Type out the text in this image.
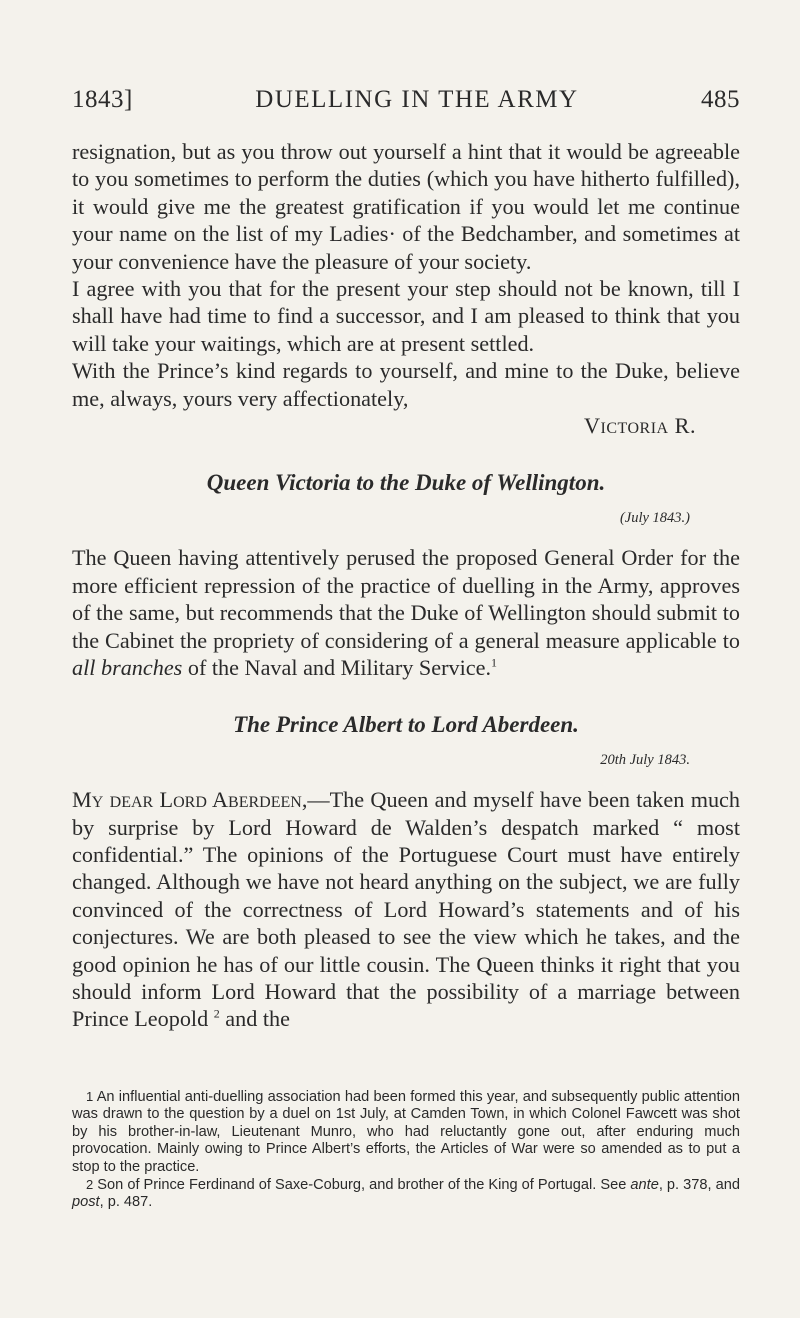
1843]	DUELLING IN THE ARMY	485

resignation, but as you throw out yourself a hint that it would be agreeable to you sometimes to perform the duties (which you have hitherto fulfilled), it would give me the greatest gratification if you would let me continue your name on the list of my Ladies· of the Bedchamber, and sometimes at your convenience have the pleasure of your society.

I agree with you that for the present your step should not be known, till I shall have had time to find a successor, and I am pleased to think that you will take your waitings, which are at present settled.

With the Prince’s kind regards to yourself, and mine to the Duke, believe me, always, yours very affectionately,

Victoria R.

Queen Victoria to the Duke of Wellington.

(July 1843.)

The Queen having attentively perused the proposed General Order for the more efficient repression of the practice of duelling in the Army, approves of the same, but recommends that the Duke of Wellington should submit to the Cabinet the propriety of considering of a general measure applicable to all branches of the Naval and Military Service.$^1$

The Prince Albert to Lord Aberdeen.

20th July 1843.

My dear Lord Aberdeen,—The Queen and myself have been taken much by surprise by Lord Howard de Walden’s despatch marked “ most confidential.” The opinions of the Portuguese Court must have entirely changed. Although we have not heard anything on the subject, we are fully convinced of the correctness of Lord Howard’s statements and of his conjectures. We are both pleased to see the view which he takes, and the good opinion he has of our little cousin. The Queen thinks it right that you should inform Lord Howard that the possibility of a marriage between Prince Leopold $^2$ and the

1 An influential anti-duelling association had been formed this year, and subsequently public attention was drawn to the question by a duel on 1st July, at Camden Town, in which Colonel Fawcett was shot by his brother-in-law, Lieutenant Munro, who had reluctantly gone out, after enduring much provocation. Mainly owing to Prince Albert’s efforts, the Articles of War were so amended as to put a stop to the practice.

2 Son of Prince Ferdinand of Saxe-Coburg, and brother of the King of Portugal. See ante, p. 378, and post, p. 487.
